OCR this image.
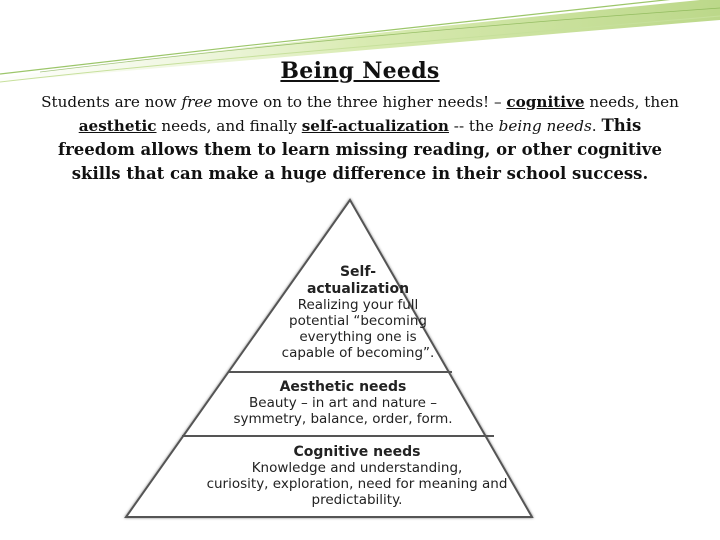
Being Needs
Students are now free move on to the three higher needs! – cognitive needs, then aesthetic needs, and finally self-actualization -- the being needs. This freedom allows them to learn missing reading, or other cognitive skills that can make a huge difference in their school success.
Self-
actualization
Realizing your full
potential “becoming
everything one is
capable of becoming”.
Aesthetic needs
Beauty – in art and nature –
symmetry, balance, order, form.
Cognitive needs
Knowledge and understanding,
curiosity, exploration, need for meaning and
predictability.
